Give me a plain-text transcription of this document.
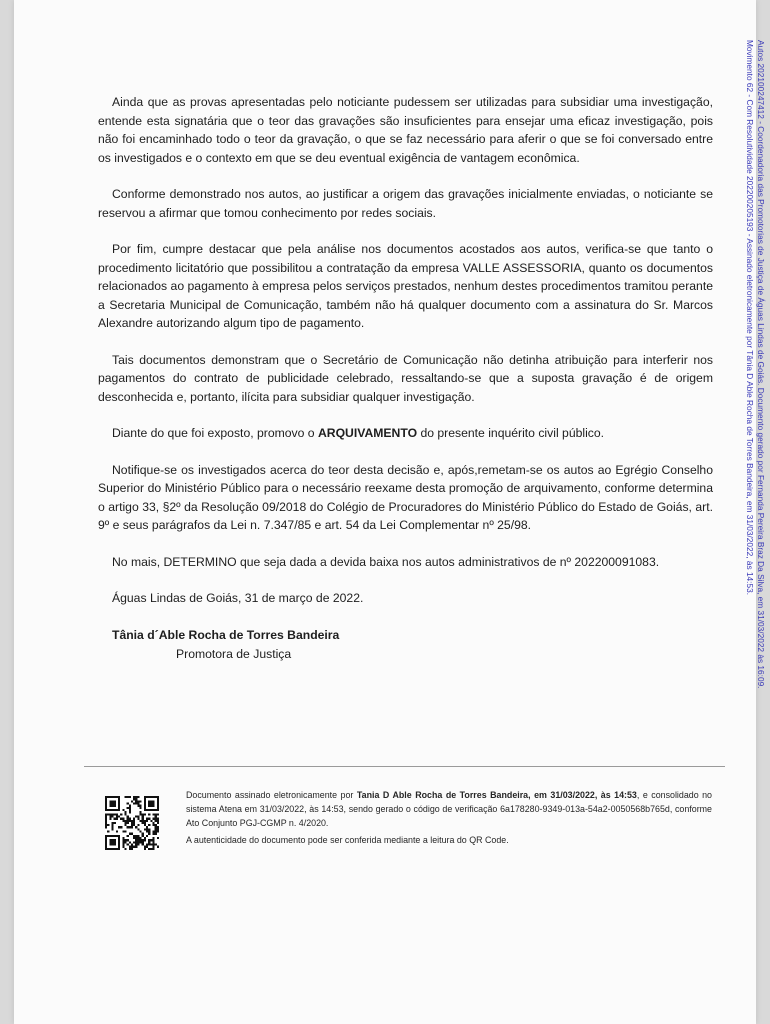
Ainda que as provas apresentadas pelo noticiante pudessem ser utilizadas para subsidiar uma investigação, entende esta signatária que o teor das gravações são insuficientes para ensejar uma eficaz investigação, pois não foi encaminhado todo o teor da gravação, o que se faz necessário para aferir o que se foi conversado entre os investigados e o contexto em que se deu eventual exigência de vantagem econômica.

Conforme demonstrado nos autos, ao justificar a origem das gravações inicialmente enviadas, o noticiante se reservou a afirmar que tomou conhecimento por redes sociais.

Por fim, cumpre destacar que pela análise nos documentos acostados aos autos, verifica-se que tanto o procedimento licitatório que possibilitou a contratação da empresa VALLE ASSESSORIA, quanto os documentos relacionados ao pagamento à empresa pelos serviços prestados, nenhum destes procedimentos tramitou perante a Secretaria Municipal de Comunicação, também não há qualquer documento com a assinatura do Sr. Marcos Alexandre autorizando algum tipo de pagamento.

Tais documentos demonstram que o Secretário de Comunicação não detinha atribuição para interferir nos pagamentos do contrato de publicidade celebrado, ressaltando-se que a suposta gravação é de origem desconhecida e, portanto, ilícita para subsidiar qualquer investigação.

Diante do que foi exposto, promovo o ARQUIVAMENTO do presente inquérito civil público.

Notifique-se os investigados acerca do teor desta decisão e, após,remetam-se os autos ao Egrégio Conselho Superior do Ministério Público para o necessário reexame desta promoção de arquivamento, conforme determina o artigo 33, §2º da Resolução 09/2018 do Colégio de Procuradores do Ministério Público do Estado de Goiás, art. 9º e seus parágrafos da Lei n. 7.347/85 e art. 54 da Lei Complementar nº 25/98.

No mais, DETERMINO que seja dada a devida baixa nos autos administrativos de nº 202200091083.

Águas Lindas de Goiás, 31 de março de 2022.

Tânia d´Able Rocha de Torres Bandeira
Promotora de Justiça	Autos 202100247412 - Coordenadoria das Promotorias de Justiça de Águas Lindas de Goiás. Documento gerado por Fernanda Pereira Braz Da Silva, em 31/03/2022 às 16:09.
Movimento 62 - Com Resolutividade 202200205193 - Assinado eletronicamente por Tânia D Able Rocha de Torres Bandeira, em 31/03/2022, às 14:53.

Documento assinado eletronicamente por Tania D Able Rocha de Torres Bandeira, em 31/03/2022, às 14:53, e consolidado no sistema Atena em 31/03/2022, às 14:53, sendo gerado o código de verificação 6a178280-9349-013a-54a2-0050568b765d, conforme Ato Conjunto PGJ-CGMP n. 4/2020.

A autenticidade do documento pode ser conferida mediante a leitura do QR Code.
